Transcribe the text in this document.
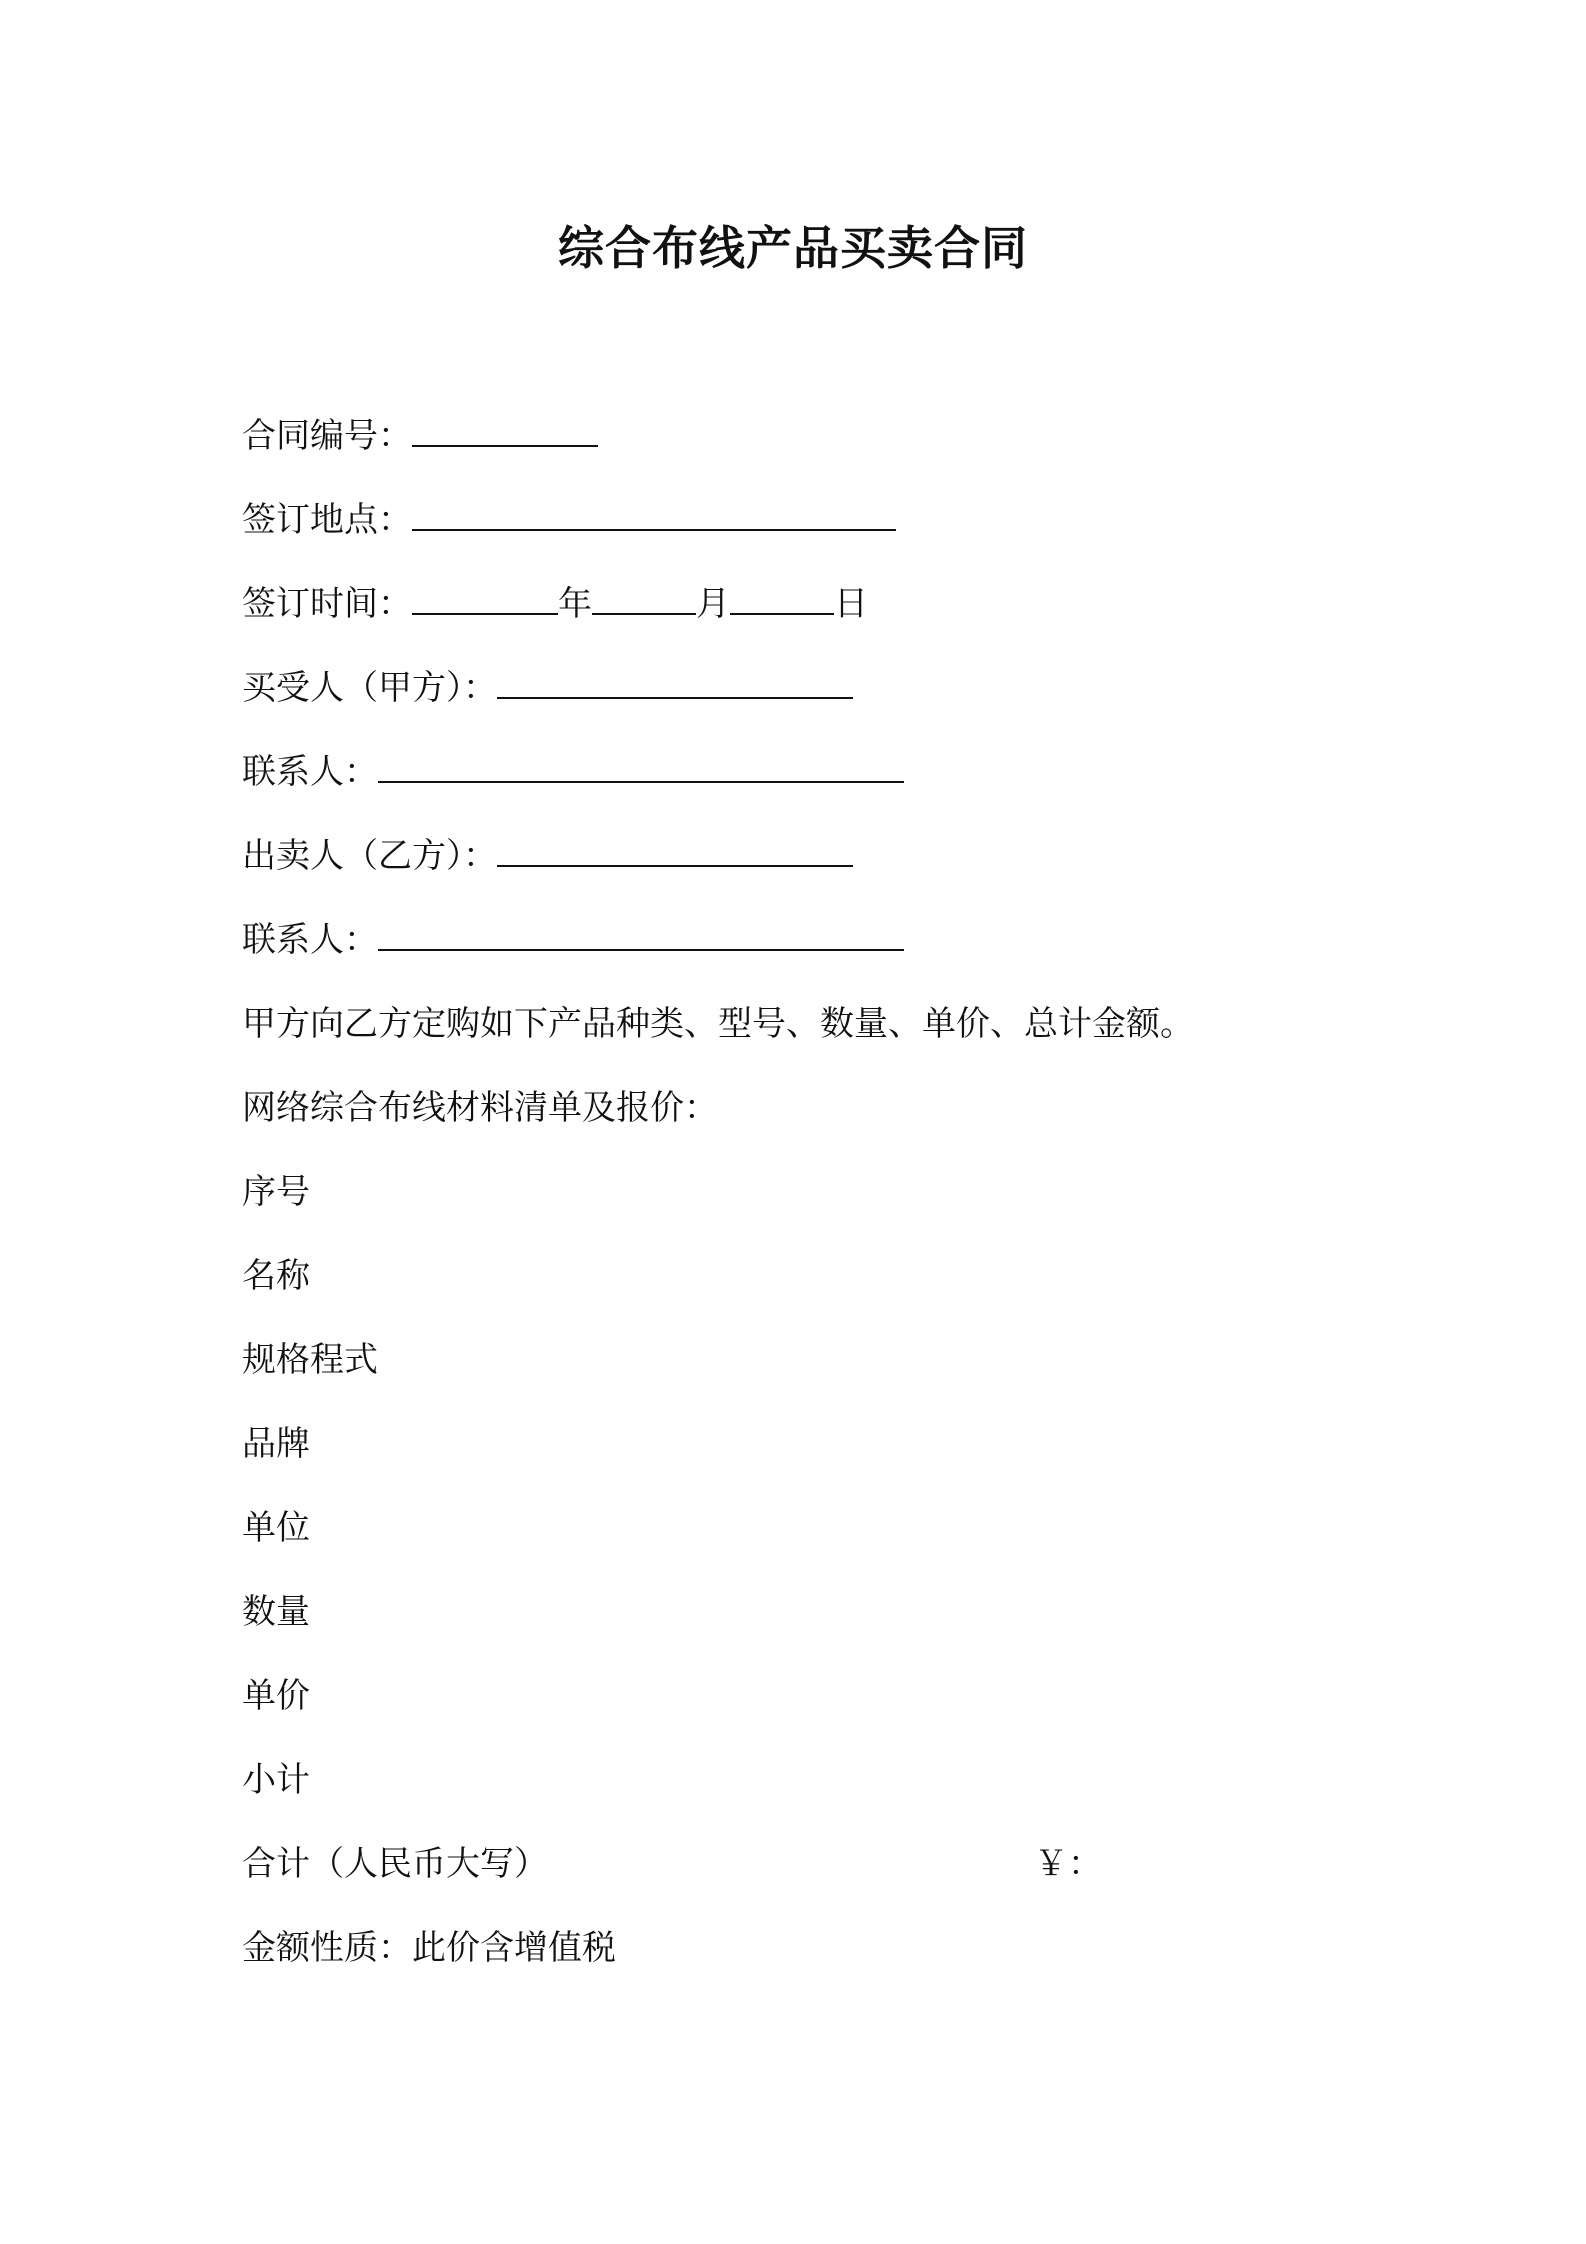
综合布线产品买卖合同
合同编号：
签订地点：
签订时间：	年	月	日
买受人（甲方）：
联系人：
出卖人（乙方）：
联系人：
甲方向乙方定购如下产品种类、型号、数量、单价、总计金额。
网络综合布线材料清单及报价：
序号
名称
规格程式
品牌
单位
数量
单价
小计
合计（人民币大写）	￥：
金额性质：此价含增值税
